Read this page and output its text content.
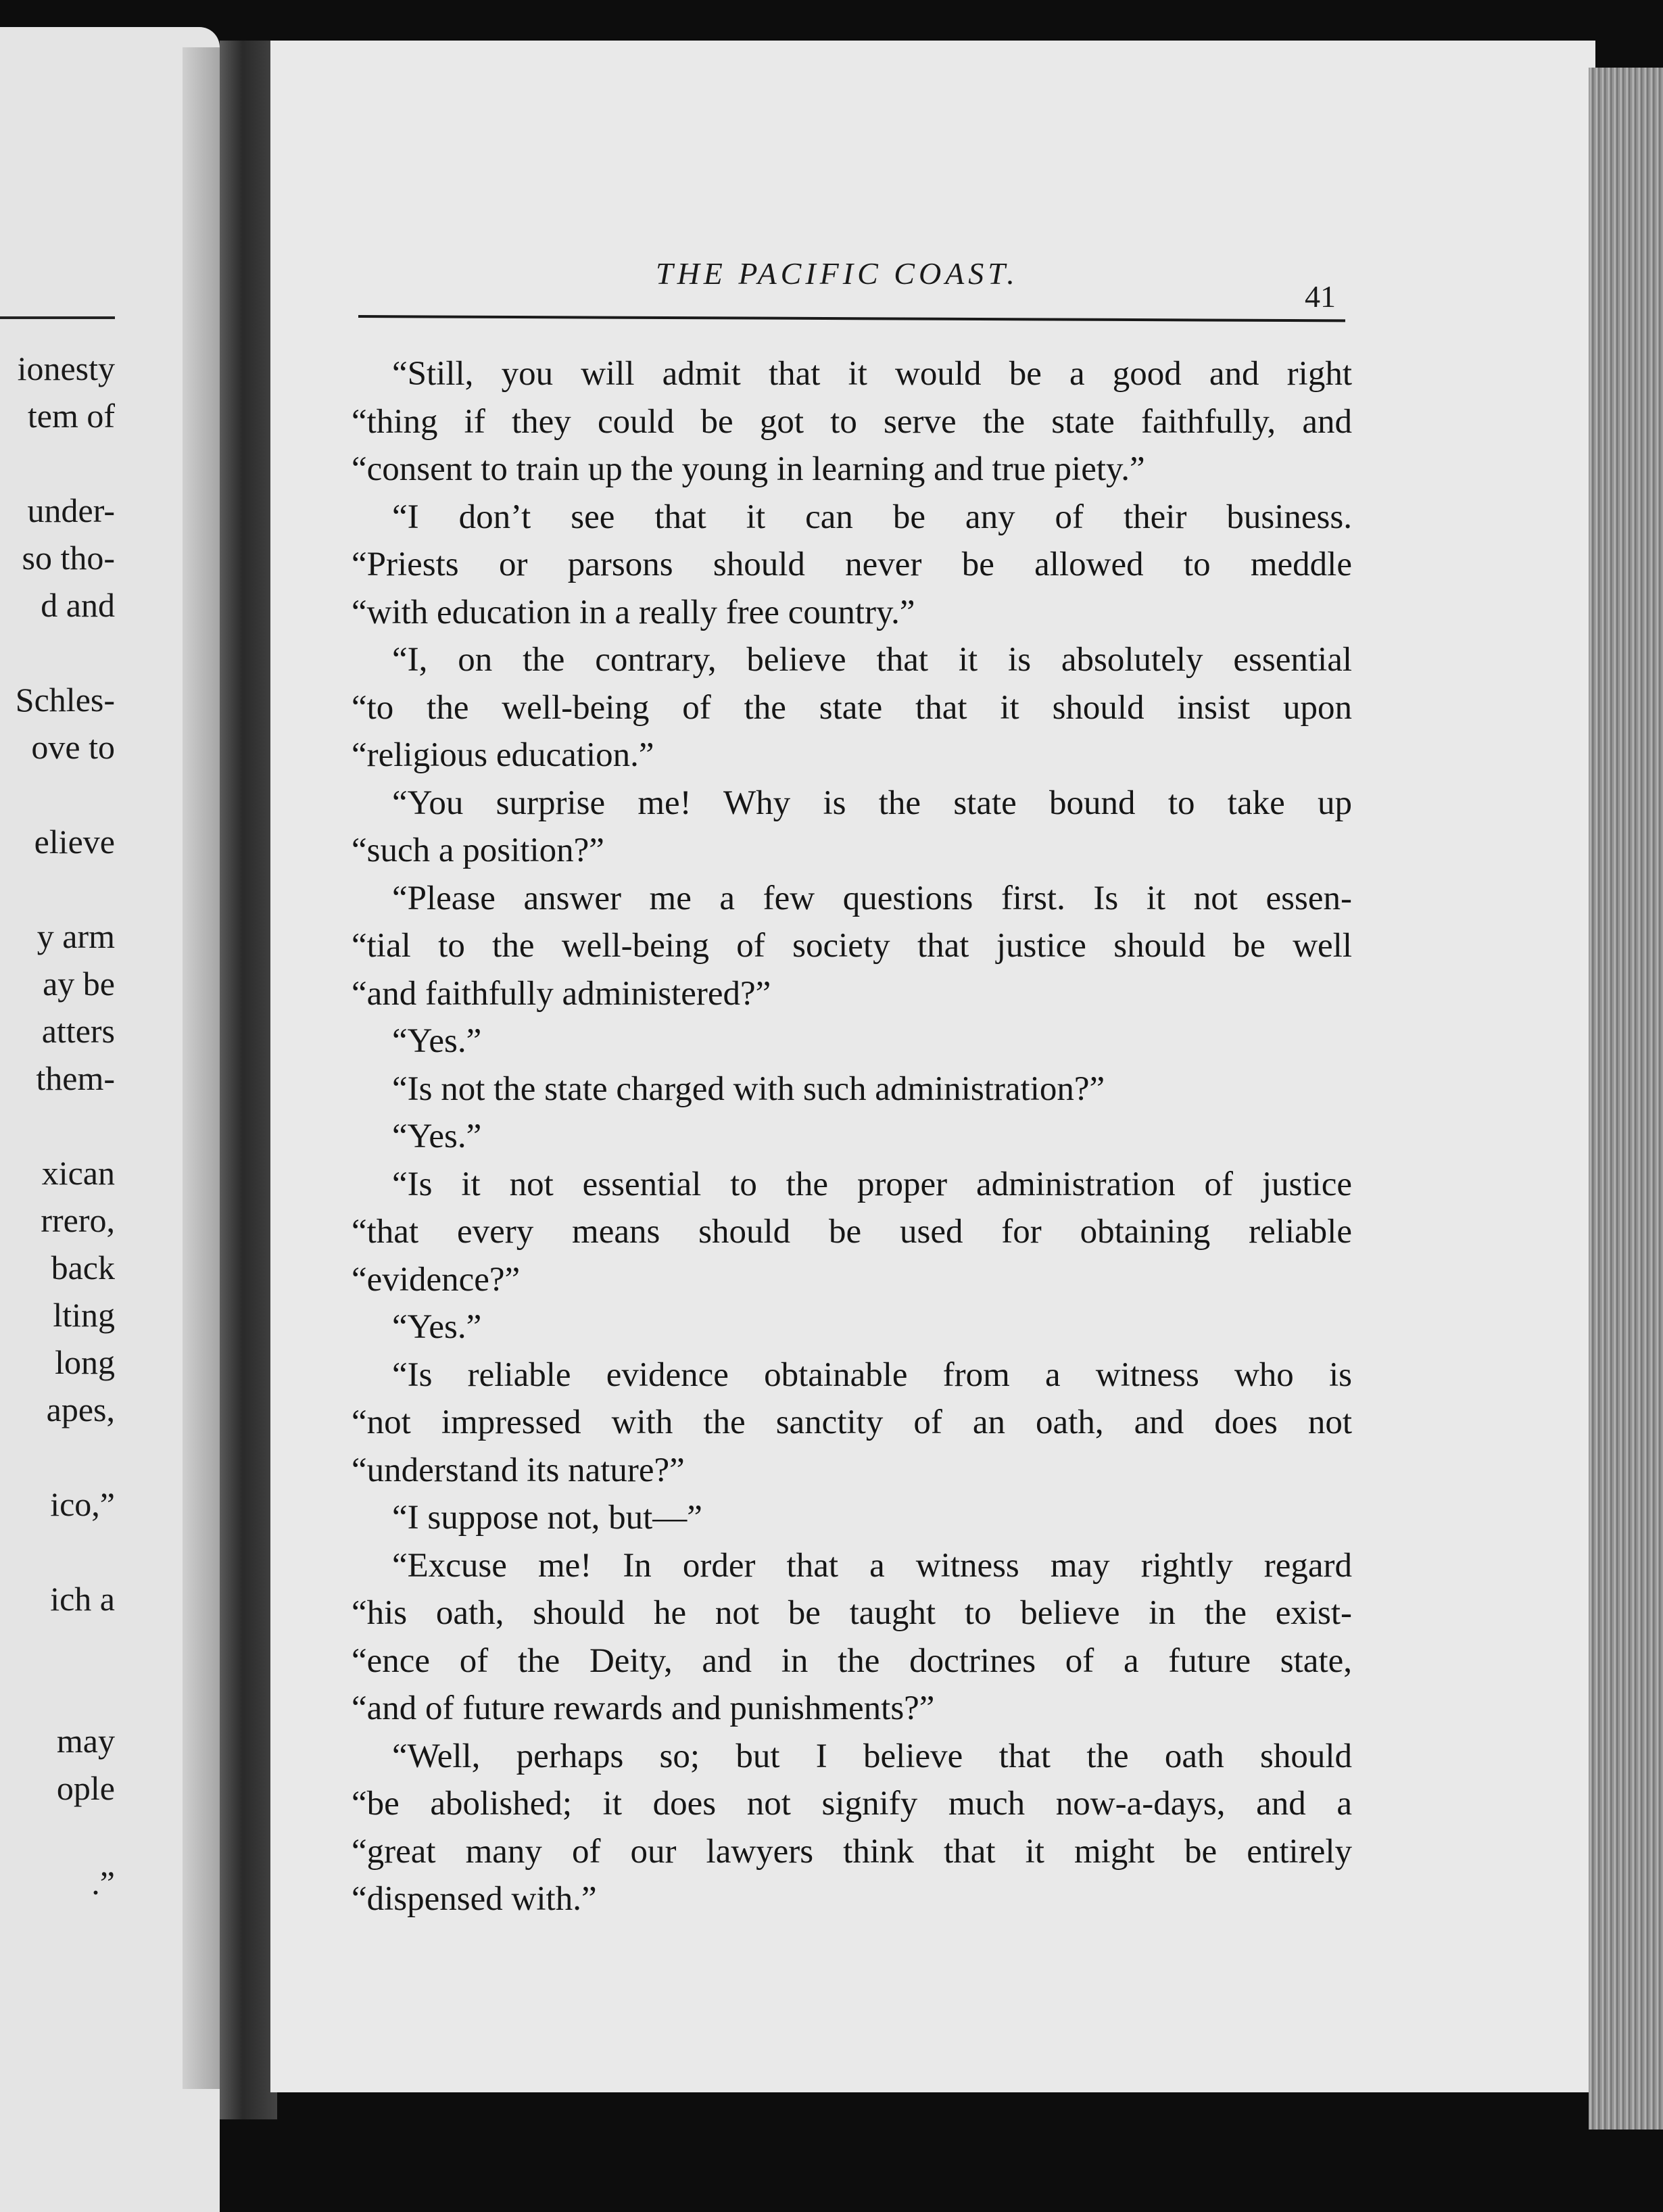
ionesty
tem of
under-
so tho-
d and
Schles-
ove to
elieve
y arm
ay be
atters
them-
xican
rrero,
back
lting
long
apes,
ico,”
ich a
may
ople
.”
THE PACIFIC COAST.
41
“Still, you will admit that it would be a good and right
“thing if they could be got to serve the state faithfully, and
“consent to train up the young in learning and true piety.”
“I don’t see that it can be any of their business.
“Priests or parsons should never be allowed to meddle
“with education in a really free country.”
“I, on the contrary, believe that it is absolutely essential
“to the well-being of the state that it should insist upon
“religious education.”
“You surprise me! Why is the state bound to take up
“such a position?”
“Please answer me a few questions first. Is it not essen-
“tial to the well-being of society that justice should be well
“and faithfully administered?”
“Yes.”
“Is not the state charged with such administration?”
“Yes.”
“Is it not essential to the proper administration of justice
“that every means should be used for obtaining reliable
“evidence?”
“Yes.”
“Is reliable evidence obtainable from a witness who is
“not impressed with the sanctity of an oath, and does not
“understand its nature?”
“I suppose not, but—”
“Excuse me! In order that a witness may rightly regard
“his oath, should he not be taught to believe in the exist-
“ence of the Deity, and in the doctrines of a future state,
“and of future rewards and punishments?”
“Well, perhaps so; but I believe that the oath should
“be abolished; it does not signify much now-a-days, and a
“great many of our lawyers think that it might be entirely
“dispensed with.”
